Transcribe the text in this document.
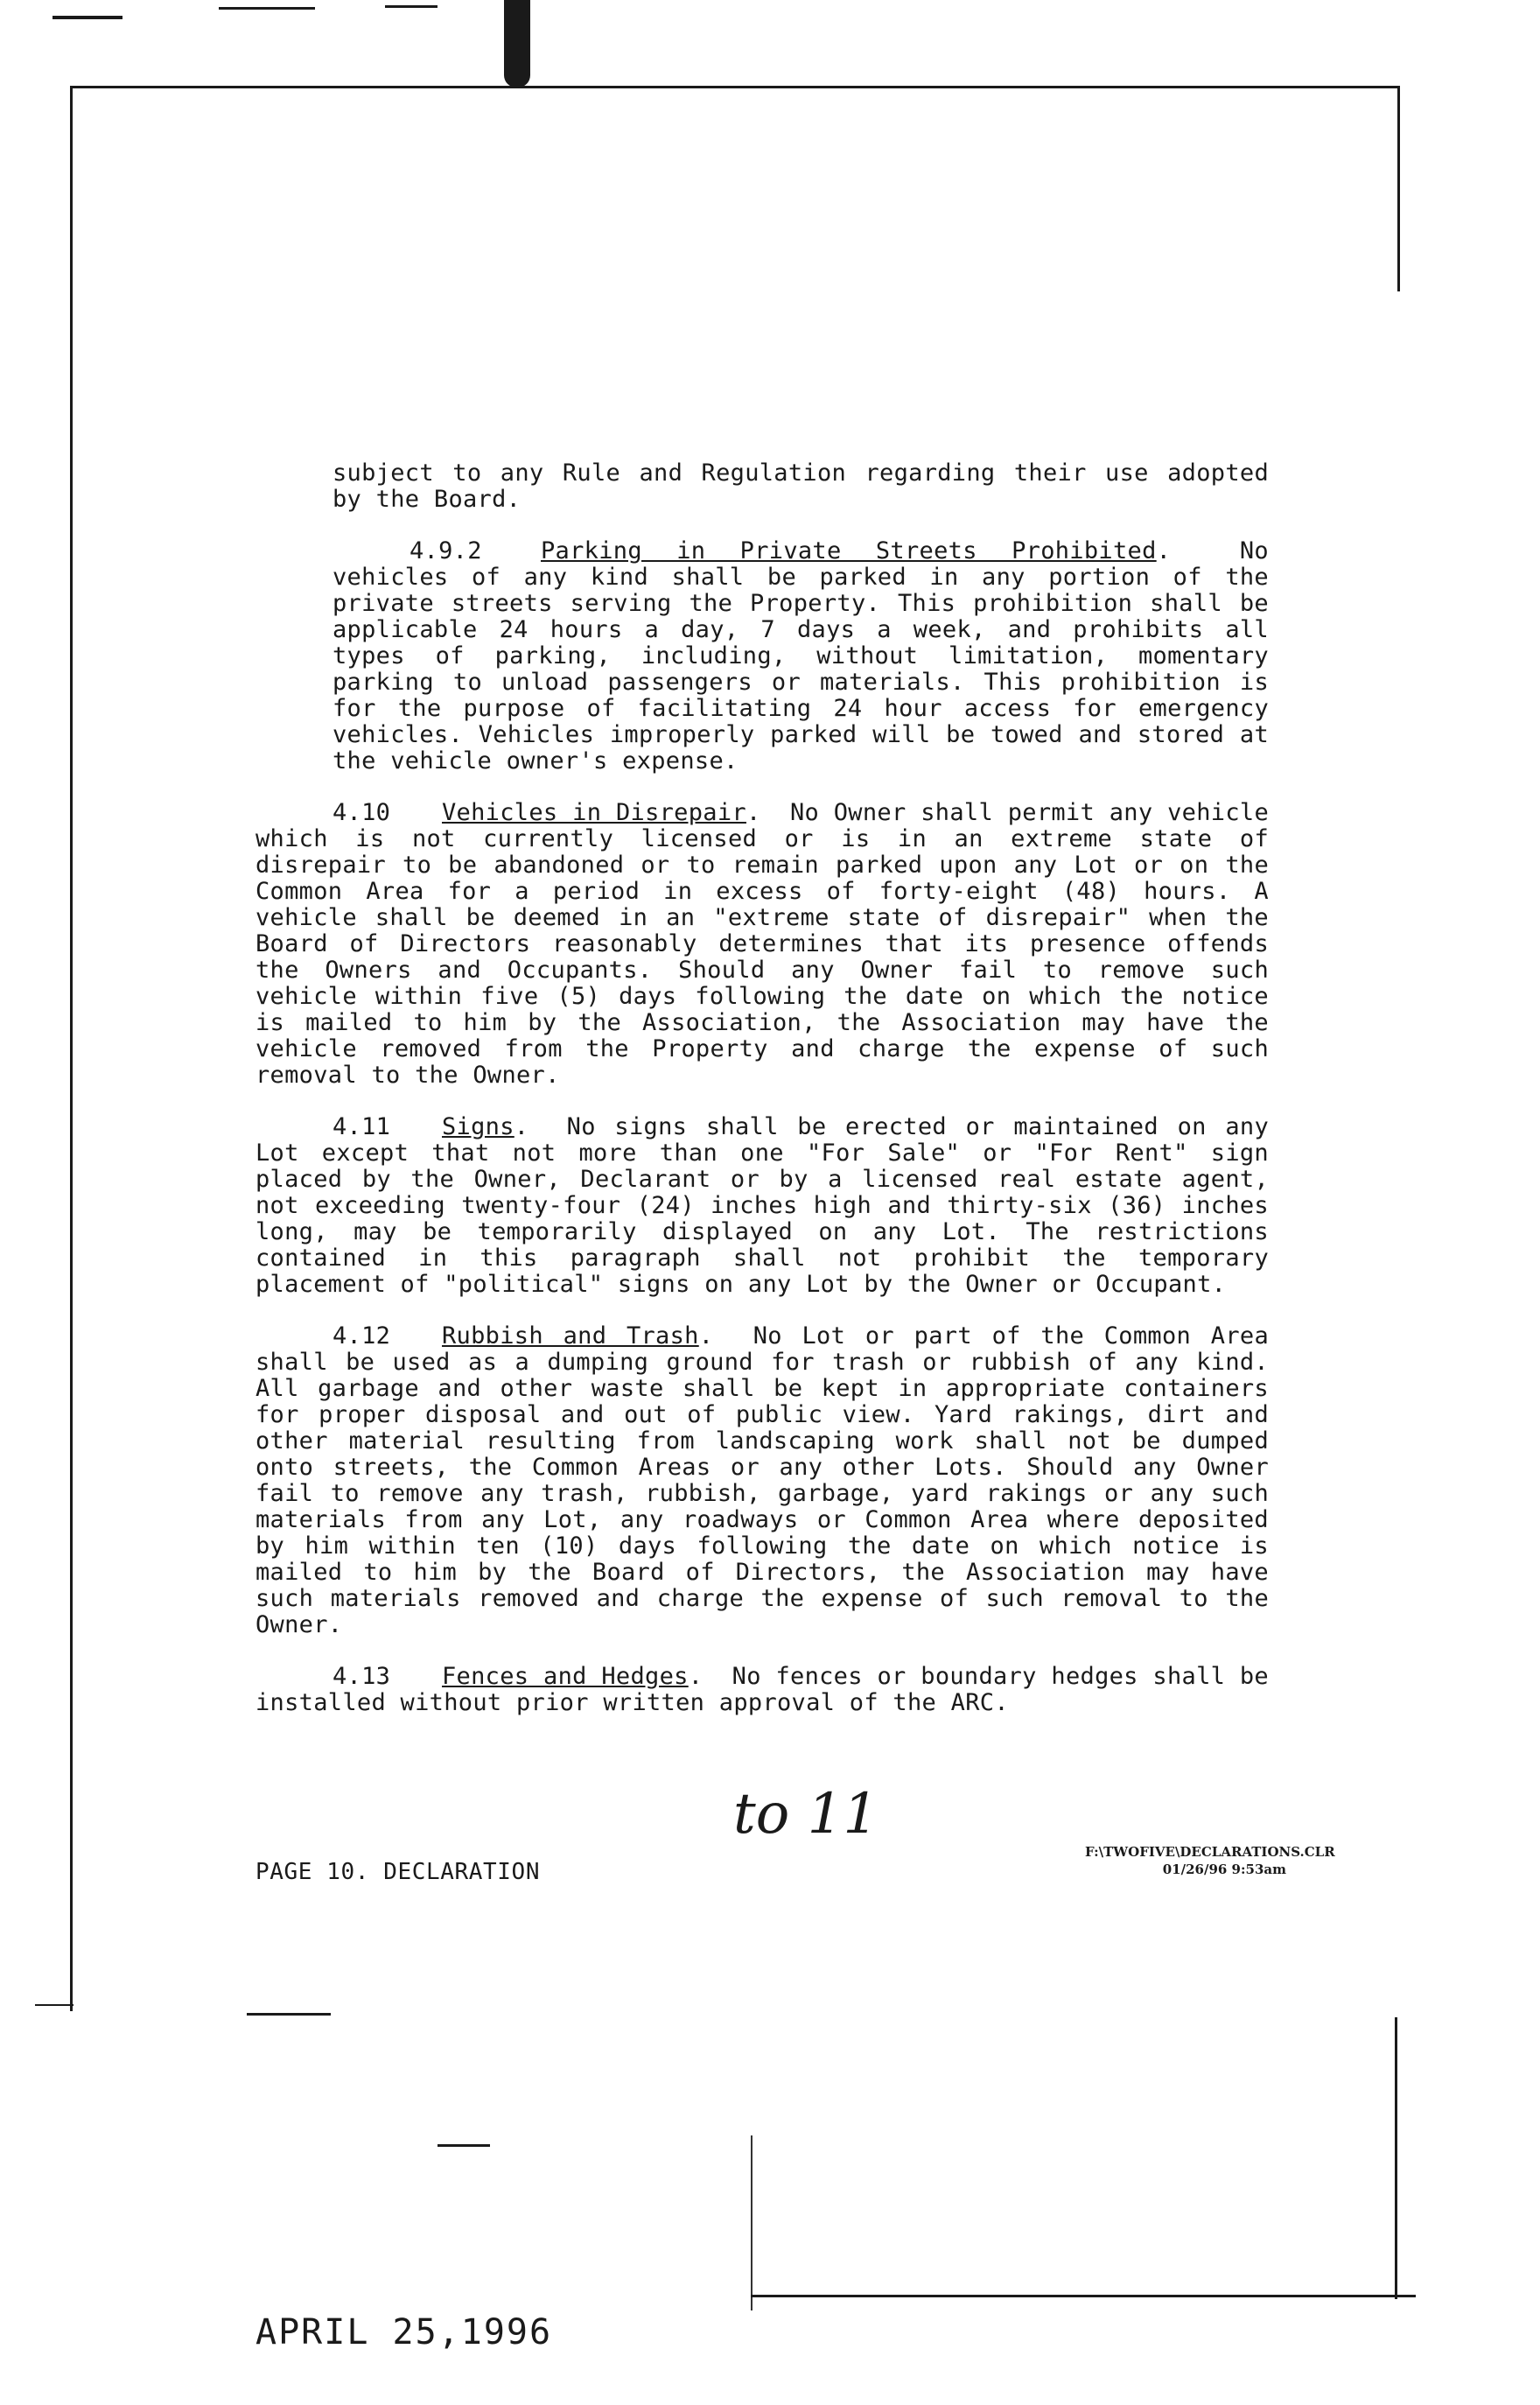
subject to any Rule and Regulation regarding their use adopted by the Board.

4.9.2 Parking in Private Streets Prohibited.  No vehicles of any kind shall be parked in any portion of the private streets serving the Property. This prohibition shall be applicable 24 hours a day, 7 days a week, and prohibits all types of parking, including, without limitation, momentary parking to unload passengers or materials. This prohibition is for the purpose of facilitating 24 hour access for emergency vehicles. Vehicles improperly parked will be towed and stored at the vehicle owner's expense.

4.10 Vehicles in Disrepair.  No Owner shall permit any vehicle which is not currently licensed or is in an extreme state of disrepair to be abandoned or to remain parked upon any Lot or on the Common Area for a period in excess of forty-eight (48) hours. A vehicle shall be deemed in an "extreme state of disrepair" when the Board of Directors reasonably determines that its presence offends the Owners and Occupants. Should any Owner fail to remove such vehicle within five (5) days following the date on which the notice is mailed to him by the Association, the Association may have the vehicle removed from the Property and charge the expense of such removal to the Owner.

4.11 Signs.  No signs shall be erected or maintained on any Lot except that not more than one "For Sale" or "For Rent" sign placed by the Owner, Declarant or by a licensed real estate agent, not exceeding twenty-four (24) inches high and thirty-six (36) inches long, may be temporarily displayed on any Lot. The restrictions contained in this paragraph shall not prohibit the temporary placement of "political" signs on any Lot by the Owner or Occupant.

4.12 Rubbish and Trash.  No Lot or part of the Common Area shall be used as a dumping ground for trash or rubbish of any kind. All garbage and other waste shall be kept in appropriate containers for proper disposal and out of public view. Yard rakings, dirt and other material resulting from landscaping work shall not be dumped onto streets, the Common Areas or any other Lots. Should any Owner fail to remove any trash, rubbish, garbage, yard rakings or any such materials from any Lot, any roadways or Common Area where deposited by him within ten (10) days following the date on which notice is mailed to him by the Board of Directors, the Association may have such materials removed and charge the expense of such removal to the Owner.

4.13 Fences and Hedges.  No fences or boundary hedges shall be installed without prior written approval of the ARC.

PAGE 10. DECLARATION
F:\TWOFIVE\DECLARATIONS.CLR
01/26/96 9:53am
to 11
APRIL 25,1996
